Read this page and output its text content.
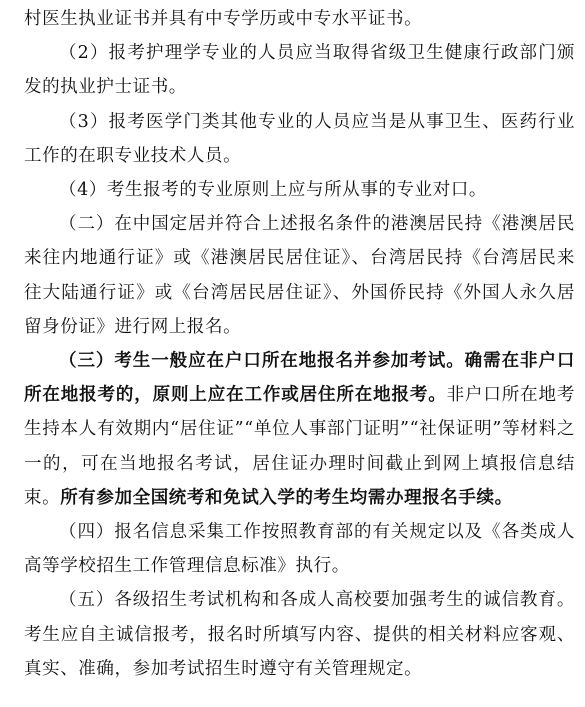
村医生执业证书并具有中专学历或中专水平证书。

（2）报考护理学专业的人员应当取得省级卫生健康行政部门颁发的执业护士证书。

（3）报考医学门类其他专业的人员应当是从事卫生、医药行业工作的在职专业技术人员。

（4）考生报考的专业原则上应与所从事的专业对口。

（二）在中国定居并符合上述报名条件的港澳居民持《港澳居民来往内地通行证》或《港澳居民居住证》、台湾居民持《台湾居民来往大陆通行证》或《台湾居民居住证》、外国侨民持《外国人永久居留身份证》进行网上报名。

（三）考生一般应在户口所在地报名并参加考试。确需在非户口所在地报考的，原则上应在工作或居住所在地报考。非户口所在地考生持本人有效期内“居住证”“单位人事部门证明”“社保证明”等材料之一的，可在当地报名考试，居住证办理时间截止到网上填报信息结束。所有参加全国统考和免试入学的考生均需办理报名手续。

（四）报名信息采集工作按照教育部的有关规定以及《各类成人高等学校招生工作管理信息标准》执行。

（五）各级招生考试机构和各成人高校要加强考生的诚信教育。考生应自主诚信报考，报名时所填写内容、提供的相关材料应客观、真实、准确，参加考试招生时遵守有关管理规定。
